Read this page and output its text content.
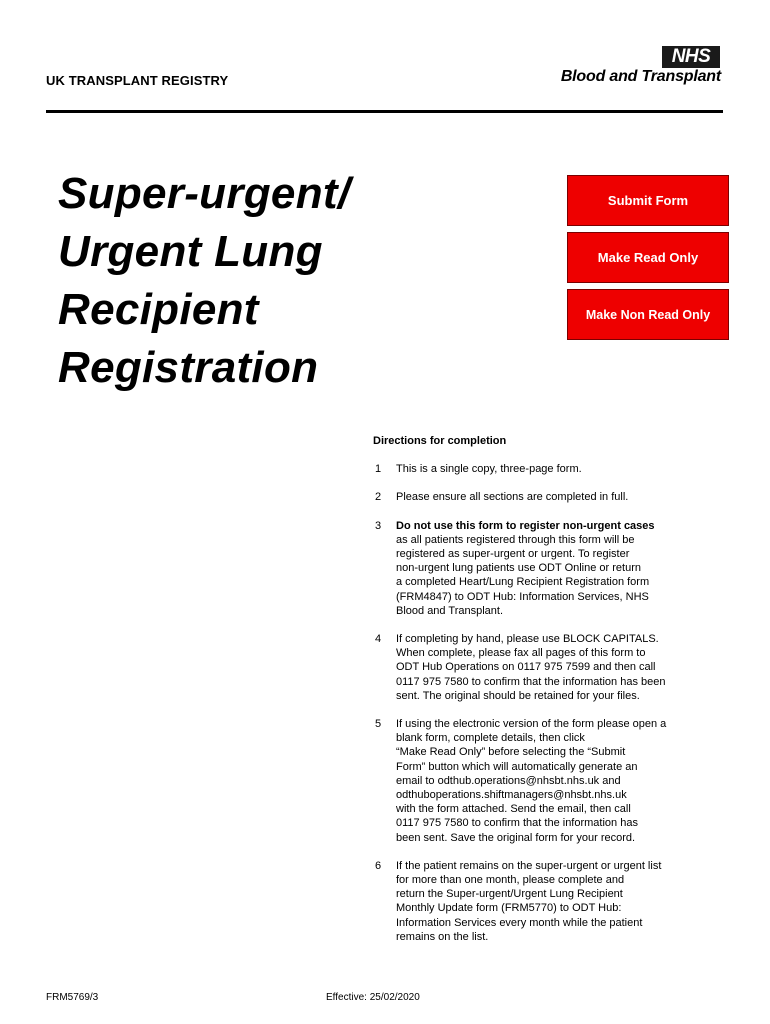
UK TRANSPLANT REGISTRY
NHS
Blood and Transplant
Super-urgent/
Urgent Lung
Recipient
Registration
Submit Form
Make Read Only
Make Non Read Only
Directions for completion
1 This is a single copy, three-page form.
2 Please ensure all sections are completed in full.
3 Do not use this form to register non-urgent cases
as all patients registered through this form will be
registered as super-urgent or urgent. To register
non-urgent lung patients use ODT Online or return
a completed Heart/Lung Recipient Registration form
(FRM4847) to ODT Hub: Information Services, NHS
Blood and Transplant.
4 If completing by hand, please use BLOCK CAPITALS.
When complete, please fax all pages of this form to
ODT Hub Operations on 0117 975 7599 and then call
0117 975 7580 to confirm that the information has been
sent. The original should be retained for your files.
5 If using the electronic version of the form please open a
blank form, complete details, then click
“Make Read Only” before selecting the “Submit
Form” button which will automatically generate an
email to odthub.operations@nhsbt.nhs.uk and
odthuboperations.shiftmanagers@nhsbt.nhs.uk
with the form attached. Send the email, then call
0117 975 7580 to confirm that the information has
been sent. Save the original form for your record.
6 If the patient remains on the super-urgent or urgent list
for more than one month, please complete and
return the Super-urgent/Urgent Lung Recipient
Monthly Update form (FRM5770) to ODT Hub:
Information Services every month while the patient
remains on the list.
FRM5769/3	Effective: 25/02/2020
